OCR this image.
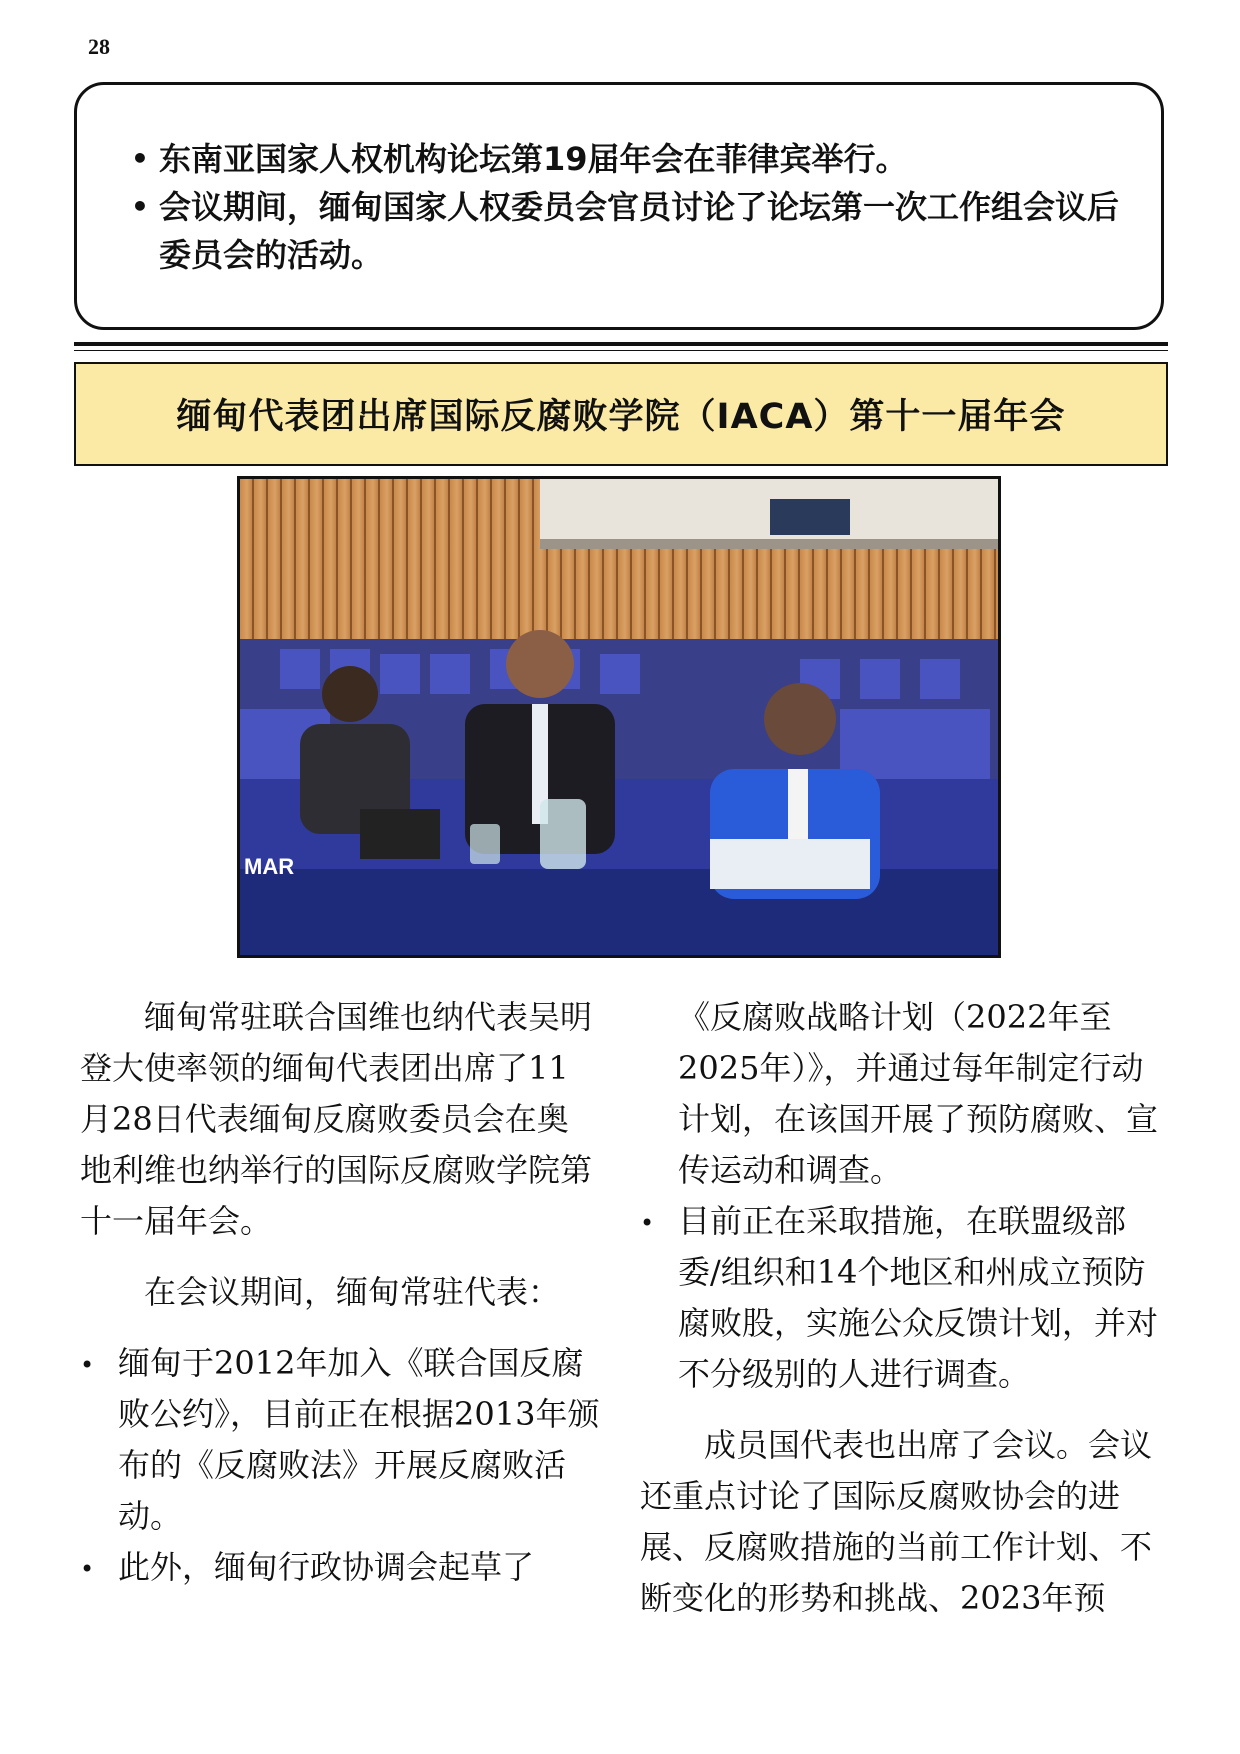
28
• 东南亚国家人权机构论坛第19届年会在菲律宾举行。
• 会议期间，缅甸国家人权委员会官员讨论了论坛第一次工作组会议后委员会的活动。
缅甸代表团出席国际反腐败学院（IACA）第十一届年会
MAR

缅甸常驻联合国维也纳代表吴明登大使率领的缅甸代表团出席了11月28日代表缅甸反腐败委员会在奥地利维也纳举行的国际反腐败学院第十一届年会。

在会议期间，缅甸常驻代表：

• 缅甸于2012年加入《联合国反腐败公约》，目前正在根据2013年颁布的《反腐败法》开展反腐败活动。
• 此外，缅甸行政协调会起草了

《反腐败战略计划（2022年至2025年）》，并通过每年制定行动计划，在该国开展了预防腐败、宣传运动和调查。

• 目前正在采取措施，在联盟级部委/组织和14个地区和州成立预防腐败股，实施公众反馈计划，并对不分级别的人进行调查。

成员国代表也出席了会议。会议还重点讨论了国际反腐败协会的进展、反腐败措施的当前工作计划、不断变化的形势和挑战、2023年预
